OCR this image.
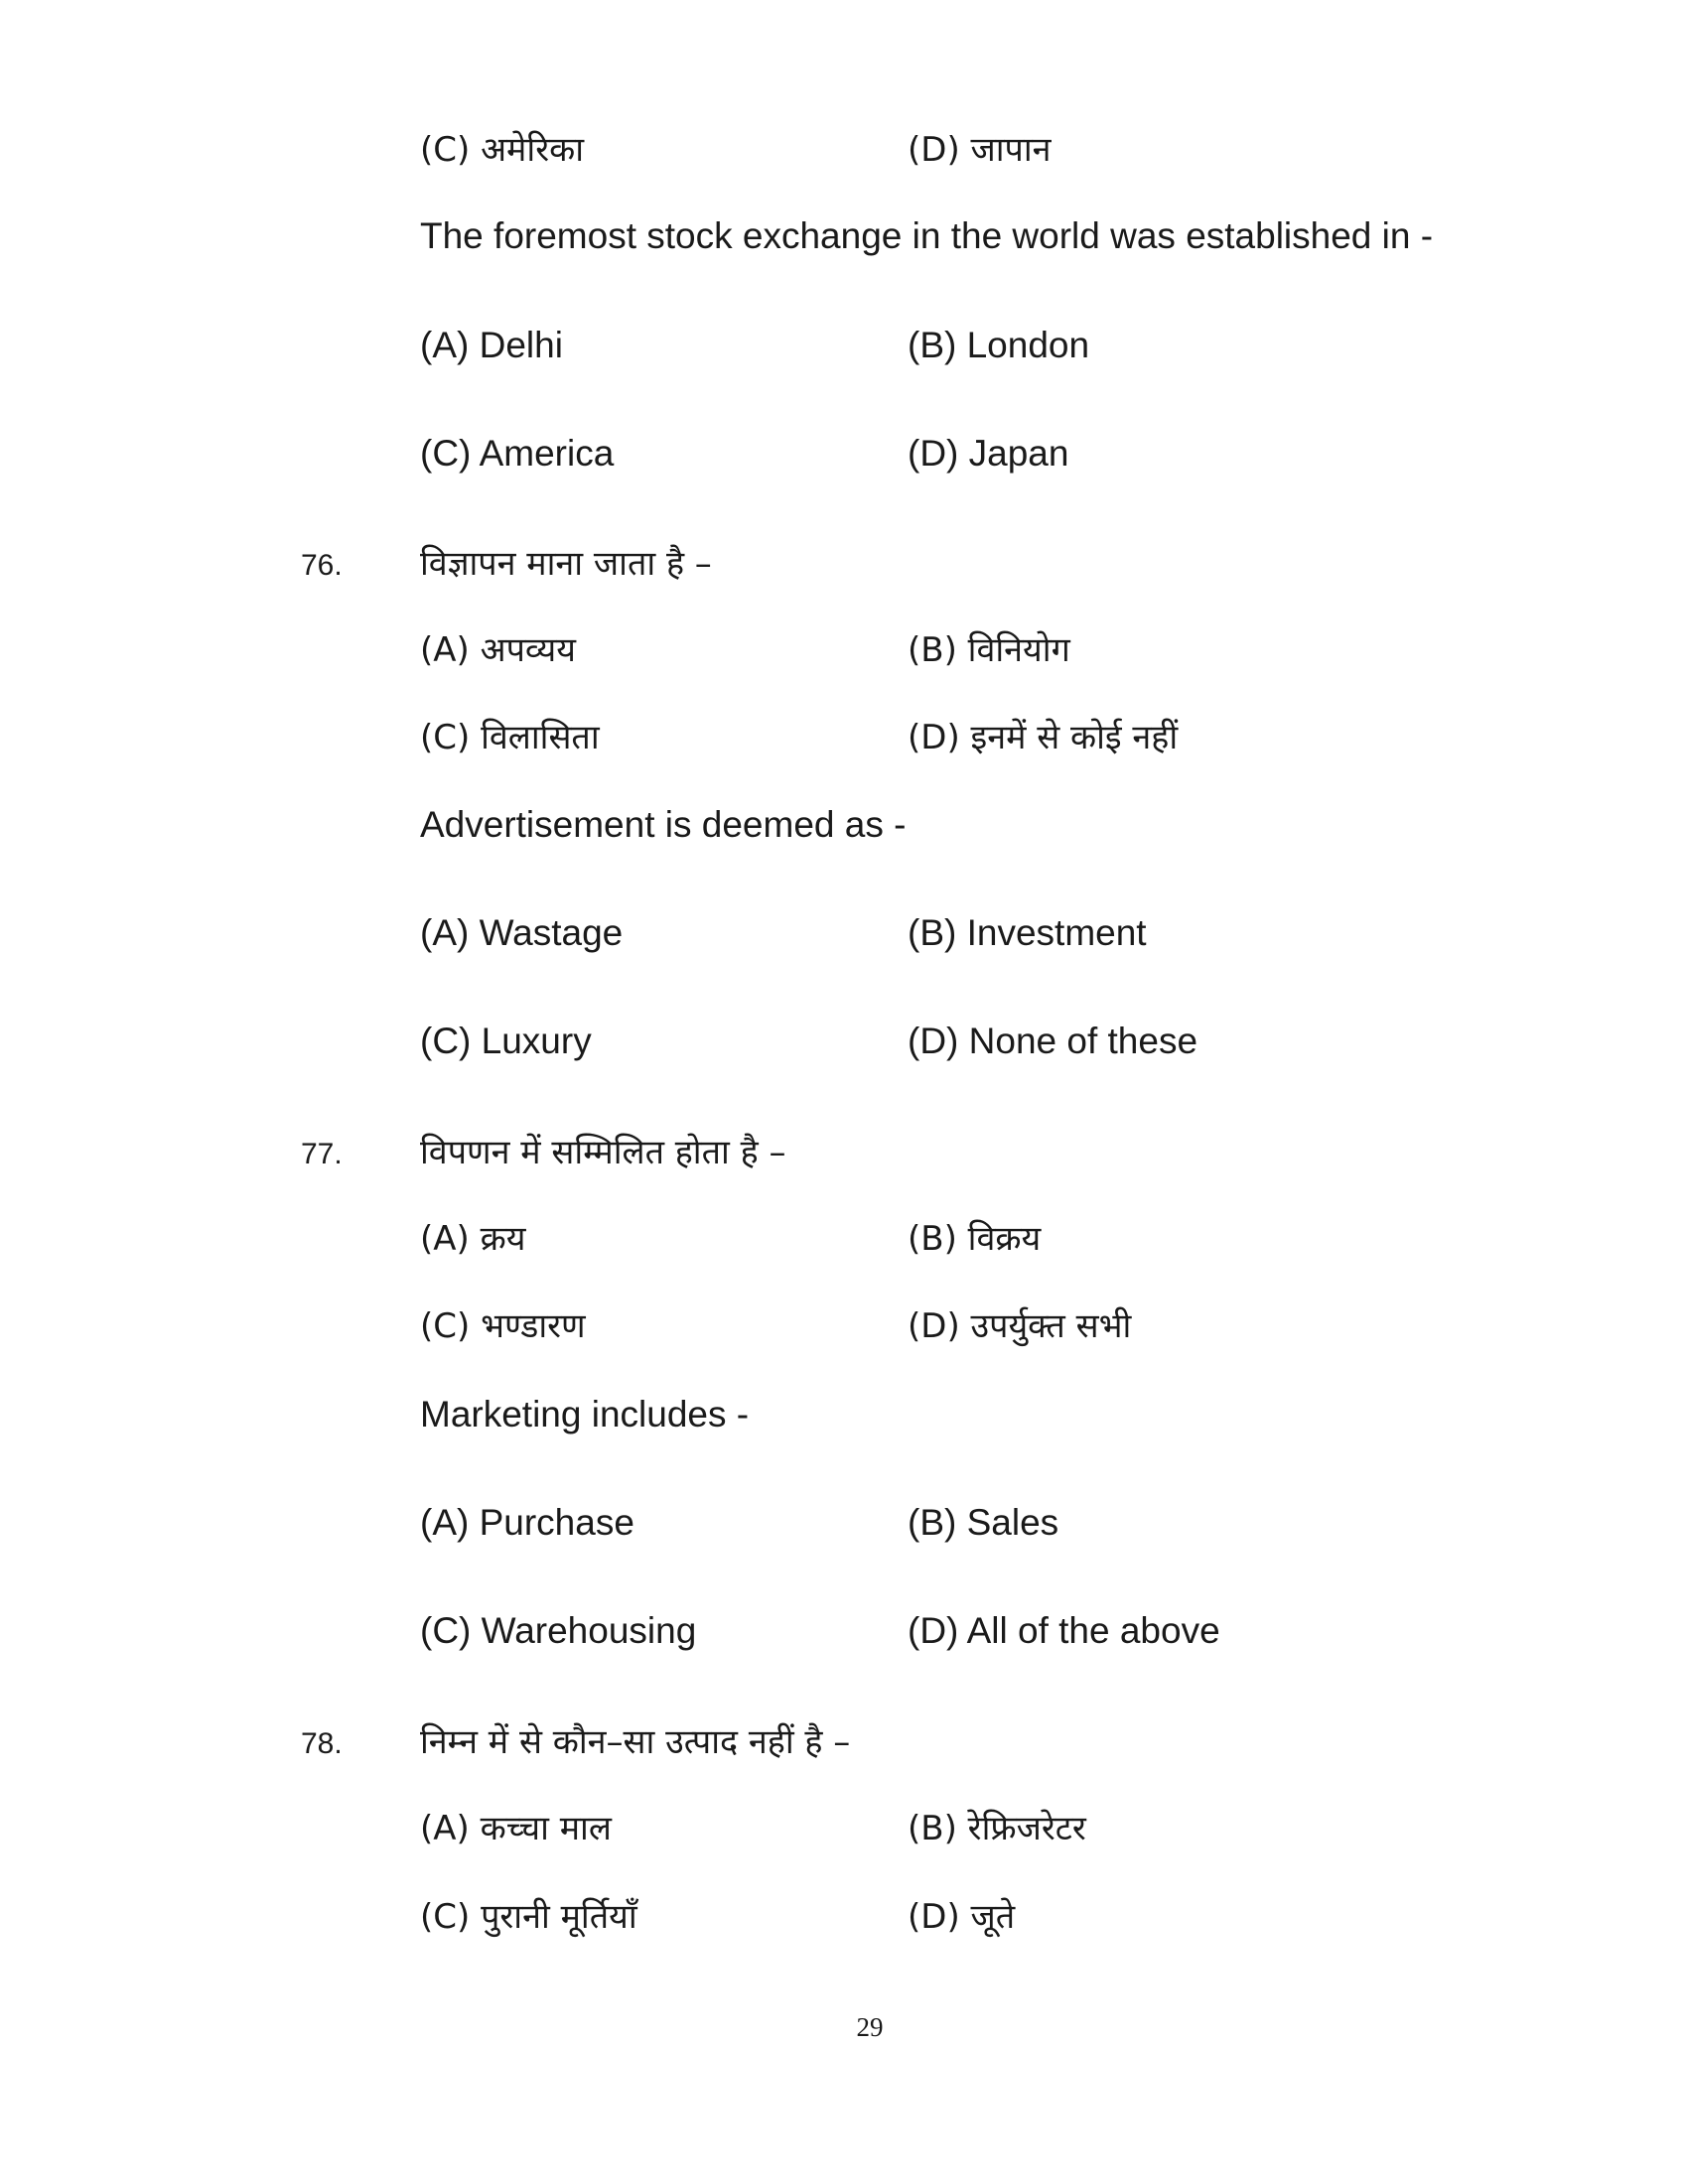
(C) अमेरिका	(D) जापान
The foremost stock exchange in the world was established in -
(A) Delhi	(B) London
(C) America	(D) Japan
76. विज्ञापन माना जाता है –
(A) अपव्यय	(B) विनियोग
(C) विलासिता	(D) इनमें से कोई नहीं
Advertisement is deemed as -
(A) Wastage	(B) Investment
(C) Luxury	(D) None of these
77. विपणन में सम्मिलित होता है –
(A) क्रय	(B) विक्रय
(C) भण्डारण	(D) उपर्युक्त सभी
Marketing includes -
(A) Purchase	(B) Sales
(C) Warehousing	(D) All of the above
78. निम्न में से कौन–सा उत्पाद नहीं है –
(A) कच्चा माल	(B) रेफ्रिजरेटर
(C) पुरानी मूर्तियाँ	(D) जूते
29
